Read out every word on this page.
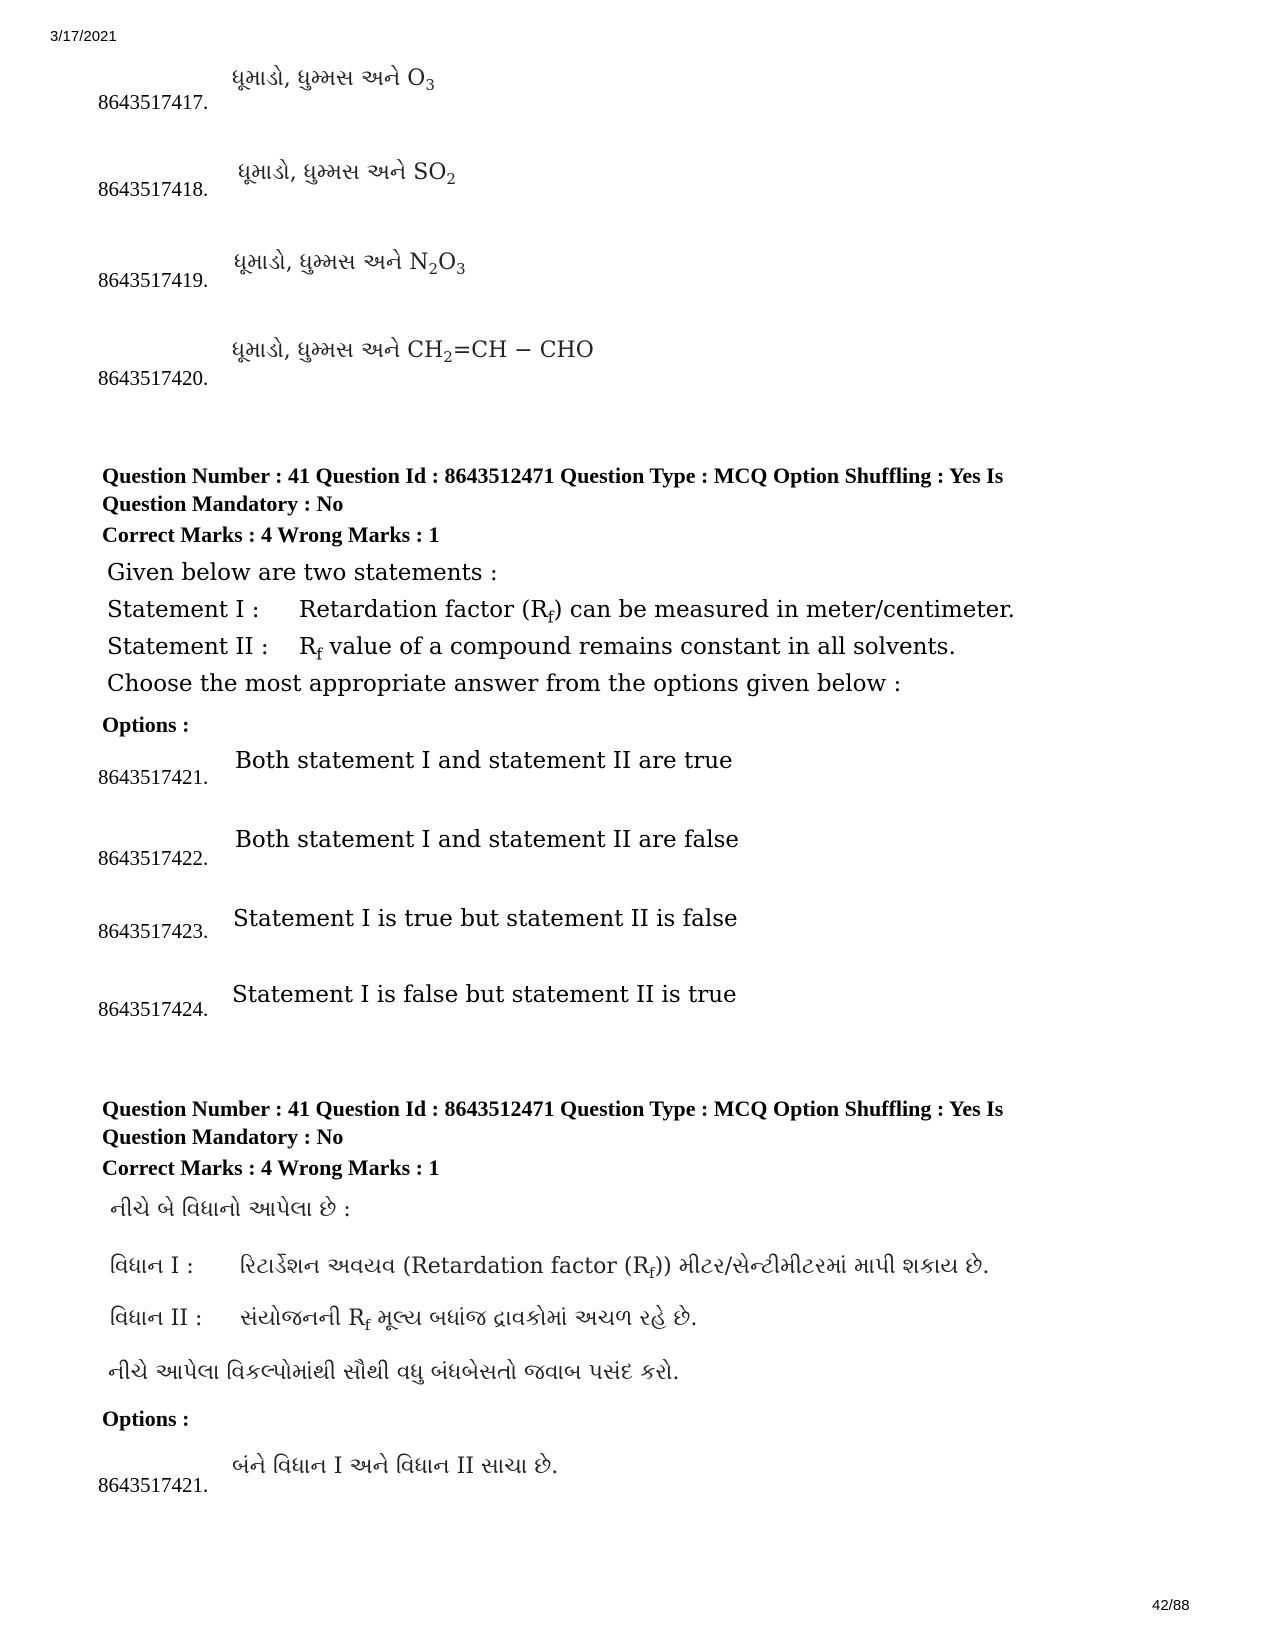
3/17/2021
8643517417.
ધૂમાડો, ધુમ્મસ અને $O_3$
8643517418.
ધૂમાડો, ધુમ્મસ અને $SO_2$
8643517419.
ધૂમાડો, ધુમ્મસ અને $N_2O_3$
8643517420.
ધૂમાડો, ધુમ્મસ અને $CH_2=CH$ − CHO
Question Number : 41 Question Id : 8643512471 Question Type : MCQ Option Shuffling : Yes Is
Question Mandatory : No
Correct Marks : 4 Wrong Marks : 1
Given below are two statements :
Statement I : Retardation factor $(R_f)$ can be measured in meter/centimeter.
Statement II : $R_f$ value of a compound remains constant in all solvents.
Choose the most appropriate answer from the options given below :
Options :
8643517421.
Both statement I and statement II are true
8643517422.
Both statement I and statement II are false
8643517423. Statement I is true but statement II is false
8643517424.
Statement I is false but statement II is true
Question Number : 41 Question Id : 8643512471 Question Type : MCQ Option Shuffling : Yes Is
Question Mandatory : No
Correct Marks : 4 Wrong Marks : 1
નીચે બે વિધાનો આપેલા છે :
વિધાન I : રિટાર્ડેશન અવયવ (Retardation factor $(R_f)$) મીટર/સેન્ટીમીટરમાં માપી શકાય છે.
વિધાન II : સંયોજનની $R_f$ મૂલ્ય બધાંજ દ્રાવકોમાં અચળ રહે છે.
નીચે આપેલા વિકલ્પોમાંથી સૌથી વધુ બંધબેસતો જવાબ પસંદ કરો.
Options :
8643517421.
બંને વિધાન I અને વિધાન II સાચા છે.
42/88
